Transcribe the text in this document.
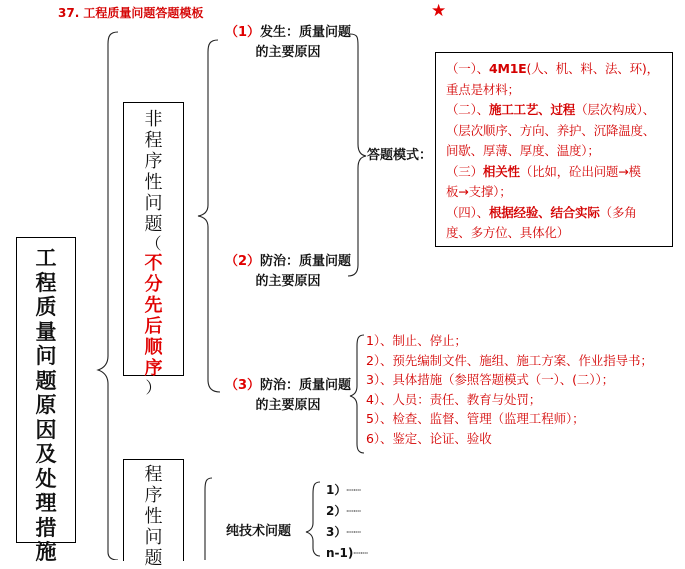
37. 工程质量问题答题模板	★
工
程
质
量
问
题
原
因
及
处
理
措
施
非
程
序
性
问
题
（
不
分
先
后
顺
序
）
程
序
性
问
题
（1）发生：质量问题
的主要原因
（2）防治：质量问题
的主要原因
（3）防治：质量问题
的主要原因
答题模式：

（一）、4M1E(人、机、料、法、环)，

重点是材料；

（二）、施工工艺、过程（层次构成）、

（层次顺序、方向、养护、沉降温度、

间歇、厚薄、厚度、温度）；

（三）相关性（比如，砼出问题→模

板→支撑）；

（四）、根据经验、结合实际（多角

度、多方位、具体化）

1）、制止、停止；
2）、预先编制文件、施组、施工方案、作业指导书；
3）、具体措施（参照答题模式（一）、(二））；
4）、人员：责任、教育与处罚；
5）、检查、监督、管理（监理工程师）；
6）、鉴定、论证、验收
纯技术问题
1）┈┈
2）┈┈
3）┈┈
n-1)┈┈
